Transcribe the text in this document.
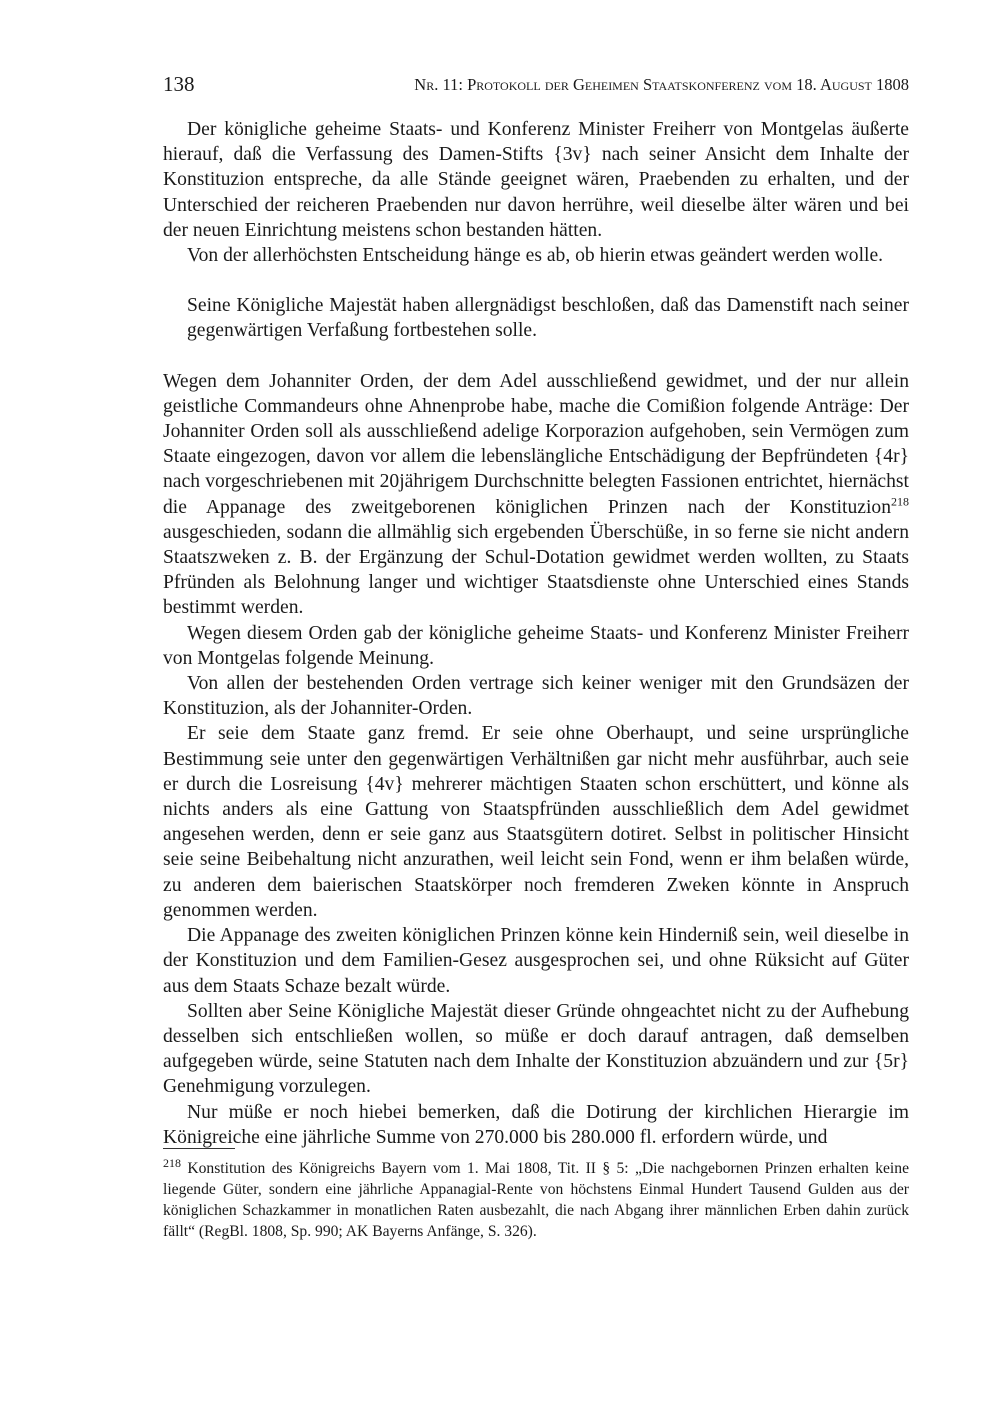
138	Nr. 11: Protokoll der Geheimen Staatskonferenz vom 18. August 1808

Der königliche geheime Staats- und Konferenz Minister Freiherr von Montgelas äußerte hierauf, daß die Verfassung des Damen-Stifts {3v} nach seiner Ansicht dem Inhalte der Konstituzion entspreche, da alle Stände geeignet wären, Praebenden zu erhalten, und der Unterschied der reicheren Praebenden nur davon herrühre, weil dieselbe älter wären und bei der neuen Einrichtung meistens schon bestanden hätten.

Von der allerhöchsten Entscheidung hänge es ab, ob hierin etwas geändert werden wolle.

Seine Königliche Majestät haben allergnädigst beschloßen, daß das Damenstift nach seiner gegenwärtigen Verfaßung fortbestehen solle.

Wegen dem Johanniter Orden, der dem Adel ausschließend gewidmet, und der nur allein geistliche Commandeurs ohne Ahnenprobe habe, mache die Comißion folgende Anträge: Der Johanniter Orden soll als ausschließend adelige Korporazion aufgehoben, sein Vermögen zum Staate eingezogen, davon vor allem die lebenslängliche Entschädigung der Bepfründeten {4r} nach vorgeschriebenen mit 20jährigem Durchschnitte belegten Fassionen entrichtet, hiernächst die Appanage des zweitgeborenen königlichen Prinzen nach der Konstituzion$^{218}$ ausgeschieden, sodann die allmählig sich ergebenden Überschüße, in so ferne sie nicht andern Staatszweken z. B. der Ergänzung der Schul-Dotation gewidmet werden wollten, zu Staats Pfründen als Belohnung langer und wichtiger Staatsdienste ohne Unterschied eines Stands bestimmt werden.

Wegen diesem Orden gab der königliche geheime Staats- und Konferenz Minister Freiherr von Montgelas folgende Meinung.

Von allen der bestehenden Orden vertrage sich keiner weniger mit den Grundsäzen der Konstituzion, als der Johanniter-Orden.

Er seie dem Staate ganz fremd. Er seie ohne Oberhaupt, und seine ursprüngliche Bestimmung seie unter den gegenwärtigen Verhältnißen gar nicht mehr ausführbar, auch seie er durch die Losreisung {4v} mehrerer mächtigen Staaten schon erschüttert, und könne als nichts anders als eine Gattung von Staatspfründen ausschließlich dem Adel gewidmet angesehen werden, denn er seie ganz aus Staatsgütern dotiret. Selbst in politischer Hinsicht seie seine Beibehaltung nicht anzurathen, weil leicht sein Fond, wenn er ihm belaßen würde, zu anderen dem baierischen Staatskörper noch fremderen Zweken könnte in Anspruch genommen werden.

Die Appanage des zweiten königlichen Prinzen könne kein Hinderniß sein, weil dieselbe in der Konstituzion und dem Familien-Gesez ausgesprochen sei, und ohne Rüksicht auf Güter aus dem Staats Schaze bezalt würde.

Sollten aber Seine Königliche Majestät dieser Gründe ohngeachtet nicht zu der Aufhebung desselben sich entschließen wollen, so müße er doch darauf antragen, daß demselben aufgegeben würde, seine Statuten nach dem Inhalte der Konstituzion abzuändern und zur {5r} Genehmigung vorzulegen.

Nur müße er noch hiebei bemerken, daß die Dotirung der kirchlichen Hierargie im Königreiche eine jährliche Summe von 270.000 bis 280.000 fl. erfordern würde, und

$^{218}$ Konstitution des Königreichs Bayern vom 1. Mai 1808, Tit. II § 5: „Die nachgebornen Prinzen erhalten keine liegende Güter, sondern eine jährliche Appanagial-Rente von höchstens Einmal Hundert Tausend Gulden aus der königlichen Schazkammer in monatlichen Raten ausbezahlt, die nach Abgang ihrer männlichen Erben dahin zurück fällt“ (RegBl. 1808, Sp. 990; AK Bayerns Anfänge, S. 326).
